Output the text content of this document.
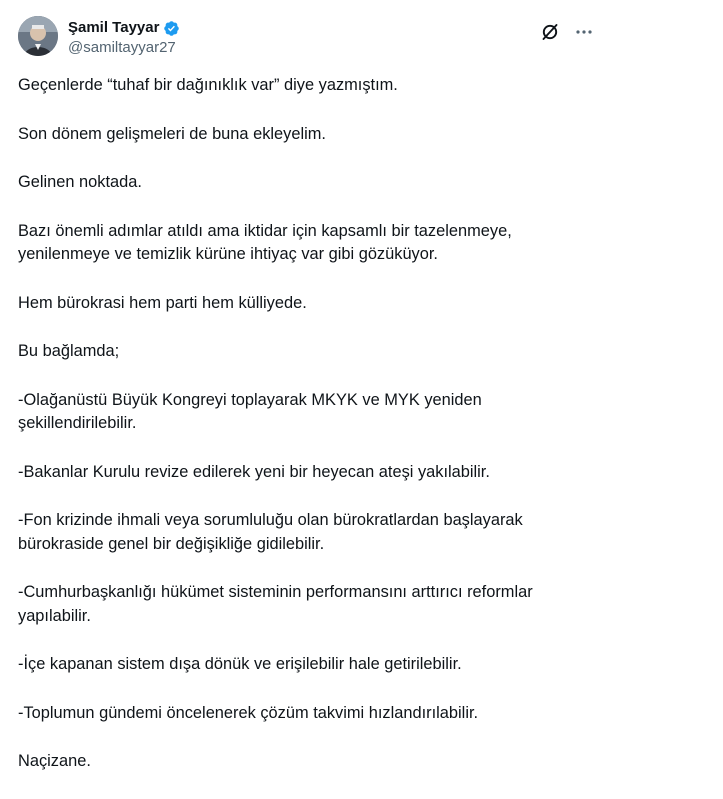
Şamil Tayyar
@samiltayyar27

Geçenlerde “tuhaf bir dağınıklık var” diye yazmıştım.

Son dönem gelişmeleri de buna ekleyelim.

Gelinen noktada.

Bazı önemli adımlar atıldı ama iktidar için kapsamlı bir tazelenmeye,
yenilenmeye ve temizlik kürüne ihtiyaç var gibi gözüküyor.

Hem bürokrasi hem parti hem külliyede.

Bu bağlamda;

-Olağanüstü Büyük Kongreyi toplayarak MKYK ve MYK yeniden
şekillendirilebilir.

-Bakanlar Kurulu revize edilerek yeni bir heyecan ateşi yakılabilir.

-Fon krizinde ihmali veya sorumluluğu olan bürokratlardan başlayarak
bürokraside genel bir değişikliğe gidilebilir.

-Cumhurbaşkanlığı hükümet sisteminin performansını arttırıcı reformlar
yapılabilir.

-İçe kapanan sistem dışa dönük ve erişilebilir hale getirilebilir.

-Toplumun gündemi öncelenerek çözüm takvimi hızlandırılabilir.

Naçizane.
